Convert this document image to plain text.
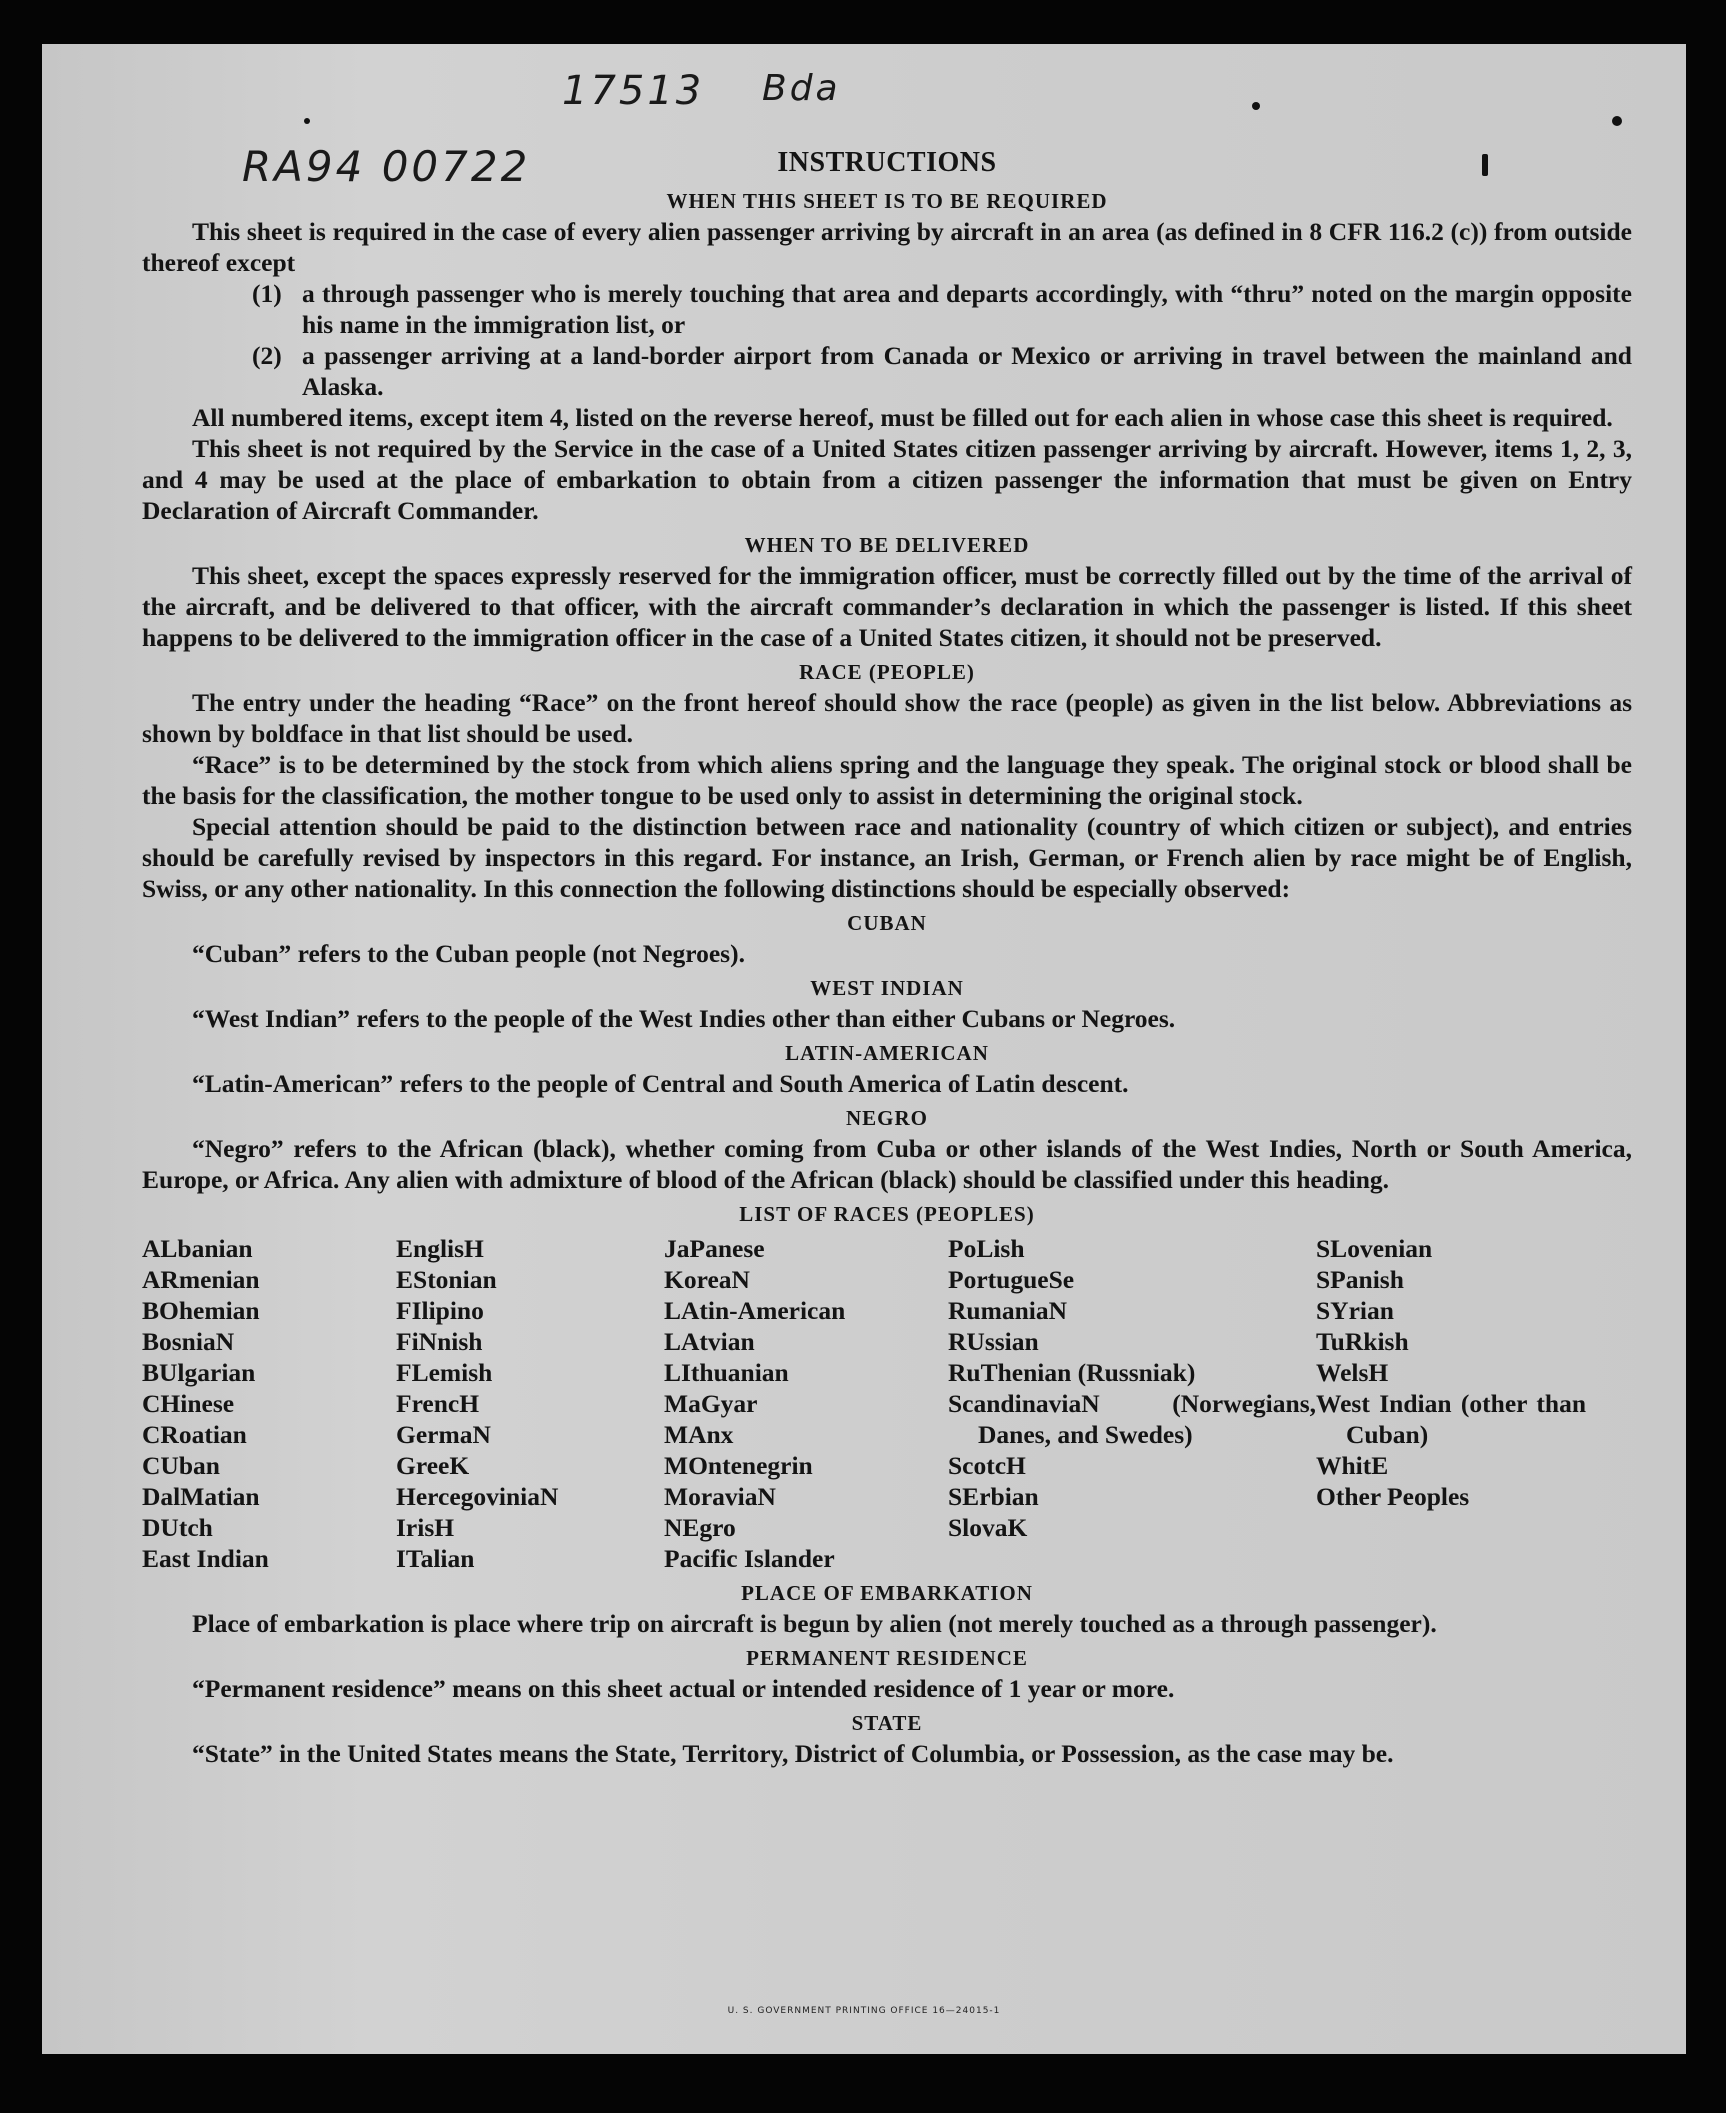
17513 Bda
RA94 00722	INSTRUCTIONS
WHEN THIS SHEET IS TO BE REQUIRED

This sheet is required in the case of every alien passenger arriving by aircraft in an area (as defined in 8 CFR 116.2 (c)) from outside thereof except

(1) a through passenger who is merely touching that area and departs accordingly, with “thru” noted on the margin opposite his name in the immigration list, or
(2) a passenger arriving at a land-border airport from Canada or Mexico or arriving in travel between the mainland and Alaska.

All numbered items, except item 4, listed on the reverse hereof, must be filled out for each alien in whose case this sheet is required.

This sheet is not required by the Service in the case of a United States citizen passenger arriving by aircraft. However, items 1, 2, 3, and 4 may be used at the place of embarkation to obtain from a citizen passenger the information that must be given on Entry Declaration of Aircraft Commander.

WHEN TO BE DELIVERED

This sheet, except the spaces expressly reserved for the immigration officer, must be correctly filled out by the time of the arrival of the aircraft, and be delivered to that officer, with the aircraft commander’s declaration in which the passenger is listed. If this sheet happens to be delivered to the immigration officer in the case of a United States citizen, it should not be preserved.

RACE (PEOPLE)

The entry under the heading “Race” on the front hereof should show the race (people) as given in the list below. Abbreviations as shown by boldface in that list should be used.

“Race” is to be determined by the stock from which aliens spring and the language they speak. The original stock or blood shall be the basis for the classification, the mother tongue to be used only to assist in determining the original stock.

Special attention should be paid to the distinction between race and nationality (country of which citizen or subject), and entries should be carefully revised by inspectors in this regard. For instance, an Irish, German, or French alien by race might be of English, Swiss, or any other nationality. In this connection the following distinctions should be especially observed:

CUBAN

“Cuban” refers to the Cuban people (not Negroes).

WEST INDIAN

“West Indian” refers to the people of the West Indies other than either Cubans or Negroes.

LATIN-AMERICAN

“Latin-American” refers to the people of Central and South America of Latin descent.

NEGRO

“Negro” refers to the African (black), whether coming from Cuba or other islands of the West Indies, North or South America, Europe, or Africa. Any alien with admixture of blood of the African (black) should be classified under this heading.

LIST OF RACES (PEOPLES)
ALbanian
ARmenian
BOhemian
BosniaN
BUlgarian
CHinese
CRoatian
CUban
DalMatian
DUtch
East Indian
EnglisH
EStonian
FIlipino
FiNnish
FLemish
FrencH
GermaN
GreeK
HercegoviniaN
IrisH
ITalian
JaPanese
KoreaN
LAtin-American
LAtvian
LIthuanian
MaGyar
MAnx
MOntenegrin
MoraviaN
NEgro
Pacific Islander
PoLish
PortugueSe
RumaniaN
RUssian
RuThenian (Russniak)
ScandinaviaN (Norwegians, Danes, and Swedes)
ScotcH
SErbian
SlovaK
SLovenian
SPanish
SYrian
TuRkish
WelsH
West Indian (other than Cuban)
WhitE
Other Peoples
PLACE OF EMBARKATION

Place of embarkation is place where trip on aircraft is begun by alien (not merely touched as a through passenger).

PERMANENT RESIDENCE

“Permanent residence” means on this sheet actual or intended residence of 1 year or more.

STATE

“State” in the United States means the State, Territory, District of Columbia, or Possession, as the case may be.

U. S. GOVERNMENT PRINTING OFFICE 16—24015-1
